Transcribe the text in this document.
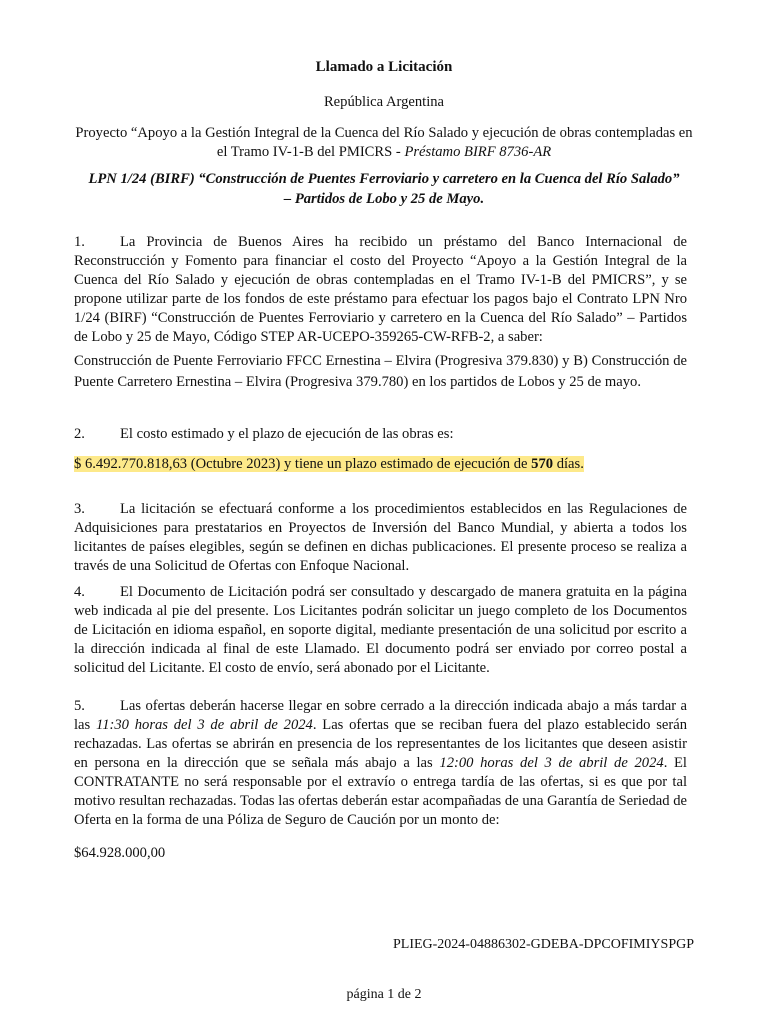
Llamado a Licitación
República Argentina
Proyecto “Apoyo a la Gestión Integral de la Cuenca del Río Salado y ejecución de obras contempladas en el Tramo IV-1-B del PMICRS - Préstamo BIRF 8736-AR
LPN 1/24 (BIRF) “Construcción de Puentes Ferroviario y carretero en la Cuenca del Río Salado” – Partidos de Lobo y 25 de Mayo.
1. La Provincia de Buenos Aires ha recibido un préstamo del Banco Internacional de Reconstrucción y Fomento para financiar el costo del Proyecto “Apoyo a la Gestión Integral de la Cuenca del Río Salado y ejecución de obras contempladas en el Tramo IV-1-B del PMICRS”, y se propone utilizar parte de los fondos de este préstamo para efectuar los pagos bajo el Contrato LPN Nro 1/24 (BIRF) “Construcción de Puentes Ferroviario y carretero en la Cuenca del Río Salado” – Partidos de Lobo y 25 de Mayo, Código STEP AR-UCEPO-359265-CW-RFB-2, a saber:
Construcción de Puente Ferroviario FFCC Ernestina – Elvira (Progresiva 379.830) y B) Construcción de Puente Carretero Ernestina – Elvira (Progresiva 379.780) en los partidos de Lobos y 25 de mayo.
2. El costo estimado y el plazo de ejecución de las obras es:
$ 6.492.770.818,63 (Octubre 2023) y tiene un plazo estimado de ejecución de 570 días.
3. La licitación se efectuará conforme a los procedimientos establecidos en las Regulaciones de Adquisiciones para prestatarios en Proyectos de Inversión del Banco Mundial, y abierta a todos los licitantes de países elegibles, según se definen en dichas publicaciones. El presente proceso se realiza a través de una Solicitud de Ofertas con Enfoque Nacional.
4. El Documento de Licitación podrá ser consultado y descargado de manera gratuita en la página web indicada al pie del presente. Los Licitantes podrán solicitar un juego completo de los Documentos de Licitación en idioma español, en soporte digital, mediante presentación de una solicitud por escrito a la dirección indicada al final de este Llamado. El documento podrá ser enviado por correo postal a solicitud del Licitante. El costo de envío, será abonado por el Licitante.
5. Las ofertas deberán hacerse llegar en sobre cerrado a la dirección indicada abajo a más tardar a las 11:30 horas del 3 de abril de 2024. Las ofertas que se reciban fuera del plazo establecido serán rechazadas. Las ofertas se abrirán en presencia de los representantes de los licitantes que deseen asistir en persona en la dirección que se señala más abajo a las 12:00 horas del 3 de abril de 2024. El CONTRATANTE no será responsable por el extravío o entrega tardía de las ofertas, si es que por tal motivo resultan rechazadas. Todas las ofertas deberán estar acompañadas de una Garantía de Seriedad de Oferta en la forma de una Póliza de Seguro de Caución por un monto de:
$64.928.000,00
PLIEG-2024-04886302-GDEBA-DPCOFIMIYSPGP
página 1 de 2
